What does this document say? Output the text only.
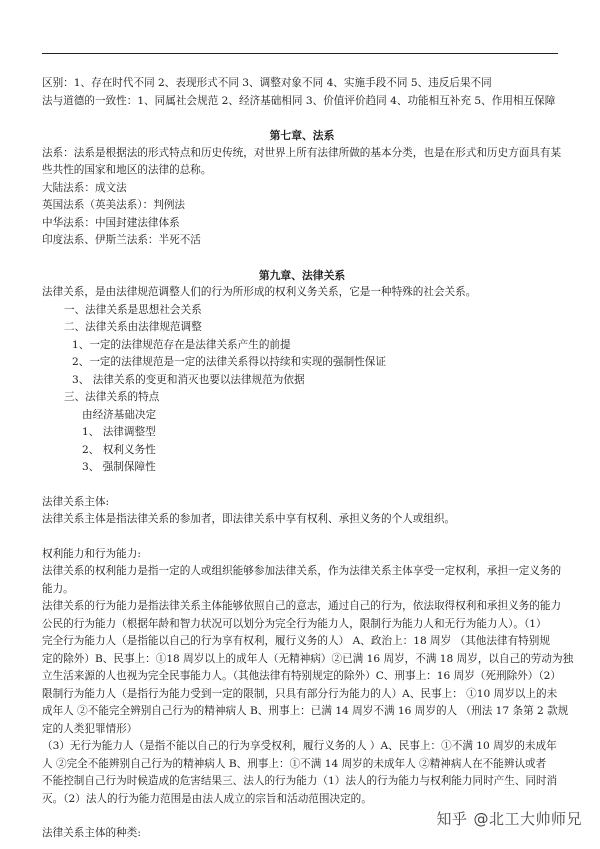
区别：1、存在时代不同 2、表现形式不同 3、调整对象不同 4、实施手段不同 5、违反后果不同
法与道德的一致性：1、同属社会规范 2、经济基础相同 3、价值评价趋同 4、功能相互补充 5、作用相互保障
第七章、法系
法系：法系是根据法的形式特点和历史传统，对世界上所有法律所做的基本分类，也是在形式和历史方面具有某
些共性的国家和地区的法律的总称。
大陆法系：成文法
英国法系（英美法系）：判例法
中华法系：中国封建法律体系
印度法系、伊斯兰法系：半死不活
第九章、法律关系
法律关系，是由法律规范调整人们的行为所形成的权利义务关系，它是一种特殊的社会关系。
一、法律关系是思想社会关系
二、法律关系由法律规范调整
1、一定的法律规范存在是法律关系产生的前提
2、一定的法律规范是一定的法律关系得以持续和实现的强制性保证
3、 法律关系的变更和消灭也要以法律规范为依据
三、法律关系的特点
由经济基础决定
1、 法律调整型
2、 权利义务性
3、 强制保障性
法律关系主体:
法律关系主体是指法律关系的参加者，即法律关系中享有权利、承担义务的个人或组织。
权利能力和行为能力:
法律关系的权利能力是指一定的人或组织能够参加法律关系，作为法律关系主体享受一定权利，承担一定义务的
能力。
法律关系的行为能力是指法律关系主体能够依照自己的意志，通过自己的行为，依法取得权利和承担义务的能力
公民的行为能力（根据年龄和智力状况可以划分为完全行为能力人，限制行为能力人和无行为能力人）。（1）
完全行为能力人（是指能以自己的行为享有权利，履行义务的人） A、政治上：18 周岁 （其他法律有特别规
定的除外）B、民事上：①18 周岁以上的成年人（无精神病）②已满 16 周岁，不满 18 周岁，以自己的劳动为独
立生活来源的人也视为完全民事能力人。（其他法律有特别规定的除外）C、刑事上：16 周岁（死刑除外）（2）
限制行为能力人（是指行为能力受到一定的限制，只具有部分行为能力的人）A、民事上： ①10 周岁以上的未
成年人 ②不能完全辨别自己行为的精神病人 B、刑事上：已满 14 周岁不满 16 周岁的人 （刑法 17 条第 2 款规
定的人类犯罪情形）
（3）无行为能力人（是指不能以自己的行为享受权利，履行义务的人 ）A、民事上：①不满 10 周岁的未成年
人 ②完全不能辨别自己行为的精神病人 B、刑事上：①不满 14 周岁的未成年人 ②精神病人在不能辨认或者
不能控制自己行为时候造成的危害结果三、法人的行为能力（1）法人的行为能力与权利能力同时产生、同时消
灭。（2）法人的行为能力范围是由法人成立的宗旨和活动范围决定的。
法律关系主体的种类:
知乎 @北工大帅师兄
